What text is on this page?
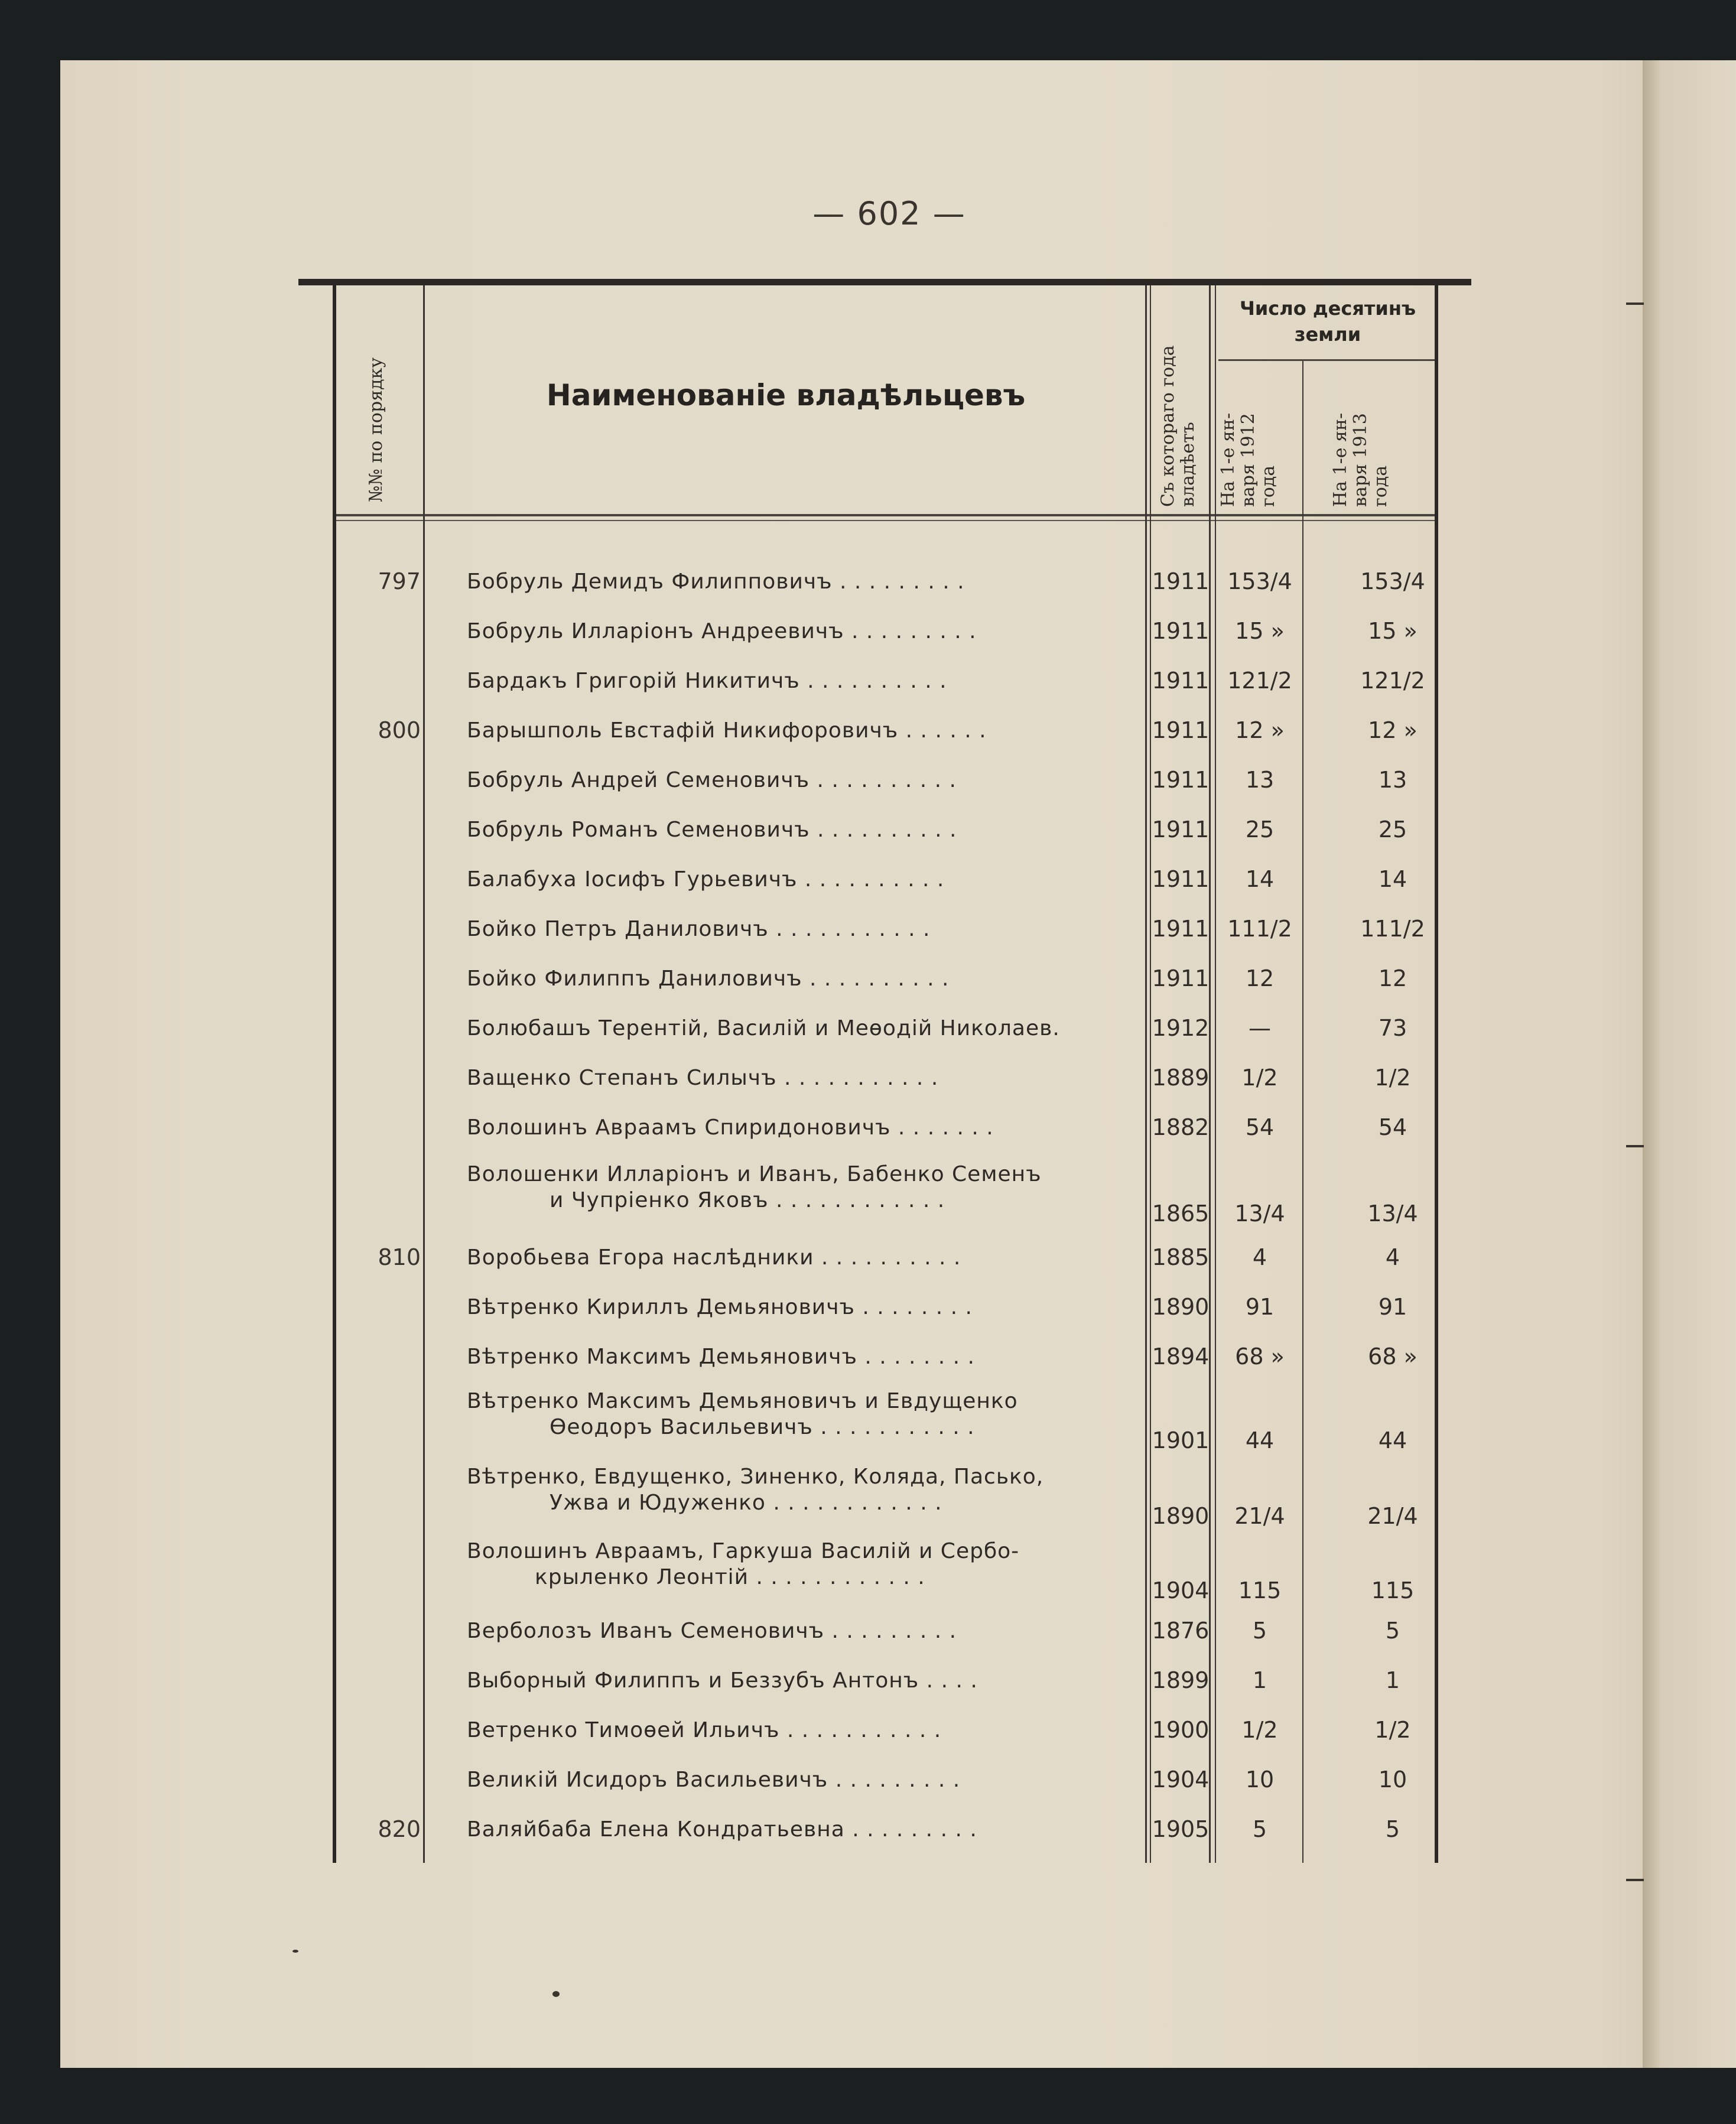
— 602 —
№№ по порядку	Наименованіе владѣльцевъ
Съ котораго года
владѣетъ
Число десятинъ
земли
На 1-е ян-
варя 1912
года	На 1-е ян-
варя 1913
года
797 Бобруль Демидъ Филипповичъ . . . . . . . . .	1911 153/4	153/4
Бобруль Илларіонъ Андреевичъ . . . . . . . . .	1911	15 »	15 »
Бардакъ Григорій Никитичъ . . . . . . . . . .	1911 121/2	121/2
800 Барышполь Евстафій Никифоровичъ . . . . . .	1911	12 »	12 »
Бобруль Андрей Семеновичъ . . . . . . . . . .	1911	13	13
Бобруль Романъ Семеновичъ . . . . . . . . . .	1911	25	25
Балабуха Іосифъ Гурьевичъ . . . . . . . . . .	1911	14	14
Бойко Петръ Даниловичъ . . . . . . . . . . .	1911 111/2	111/2
Бойко Филиппъ Даниловичъ . . . . . . . . . .	1911	12	12
Болюбашъ Терентій, Василій и Меѳодій Николаев.	1912	—	73
Ващенко Степанъ Силычъ . . . . . . . . . . .	1889	1/2	1/2
Волошинъ Авраамъ Спиридоновичъ . . . . . . .	1882	54	54
Волошенки Илларіонъ и Иванъ, Бабенко Семенъ
и Чупріенко Яковъ . . . . . . . . . . . .
1865	13/4	13/4
810 Воробьева Егора наслѣдники . . . . . . . . . .	1885	4	4
Вѣтренко Кириллъ Демьяновичъ . . . . . . . .	1890	91	91
Вѣтренко Максимъ Демьяновичъ . . . . . . . .	1894	68 »	68 »
Вѣтренко Максимъ Демьяновичъ и Евдущенко
Ѳеодоръ Васильевичъ . . . . . . . . . . .
1901	44	44
Вѣтренко, Евдущенко, Зиненко, Коляда, Пасько,
Ужва и Юдуженко . . . . . . . . . . . .
1890	21/4	21/4
Волошинъ Авраамъ, Гаркуша Василій и Сербо-
крыленко Леонтій . . . . . . . . . . . .
1904	115	115
Верболозъ Иванъ Семеновичъ . . . . . . . . .	1876	5	5
Выборный Филиппъ и Беззубъ Антонъ . . . .	1899	1	1
Ветренко Тимоѳей Ильичъ . . . . . . . . . . .	1900	1/2	1/2
Великій Исидоръ Васильевичъ . . . . . . . . .	1904	10	10
820 Валяйбаба Елена Кондратьевна . . . . . . . . .	1905	5	5
